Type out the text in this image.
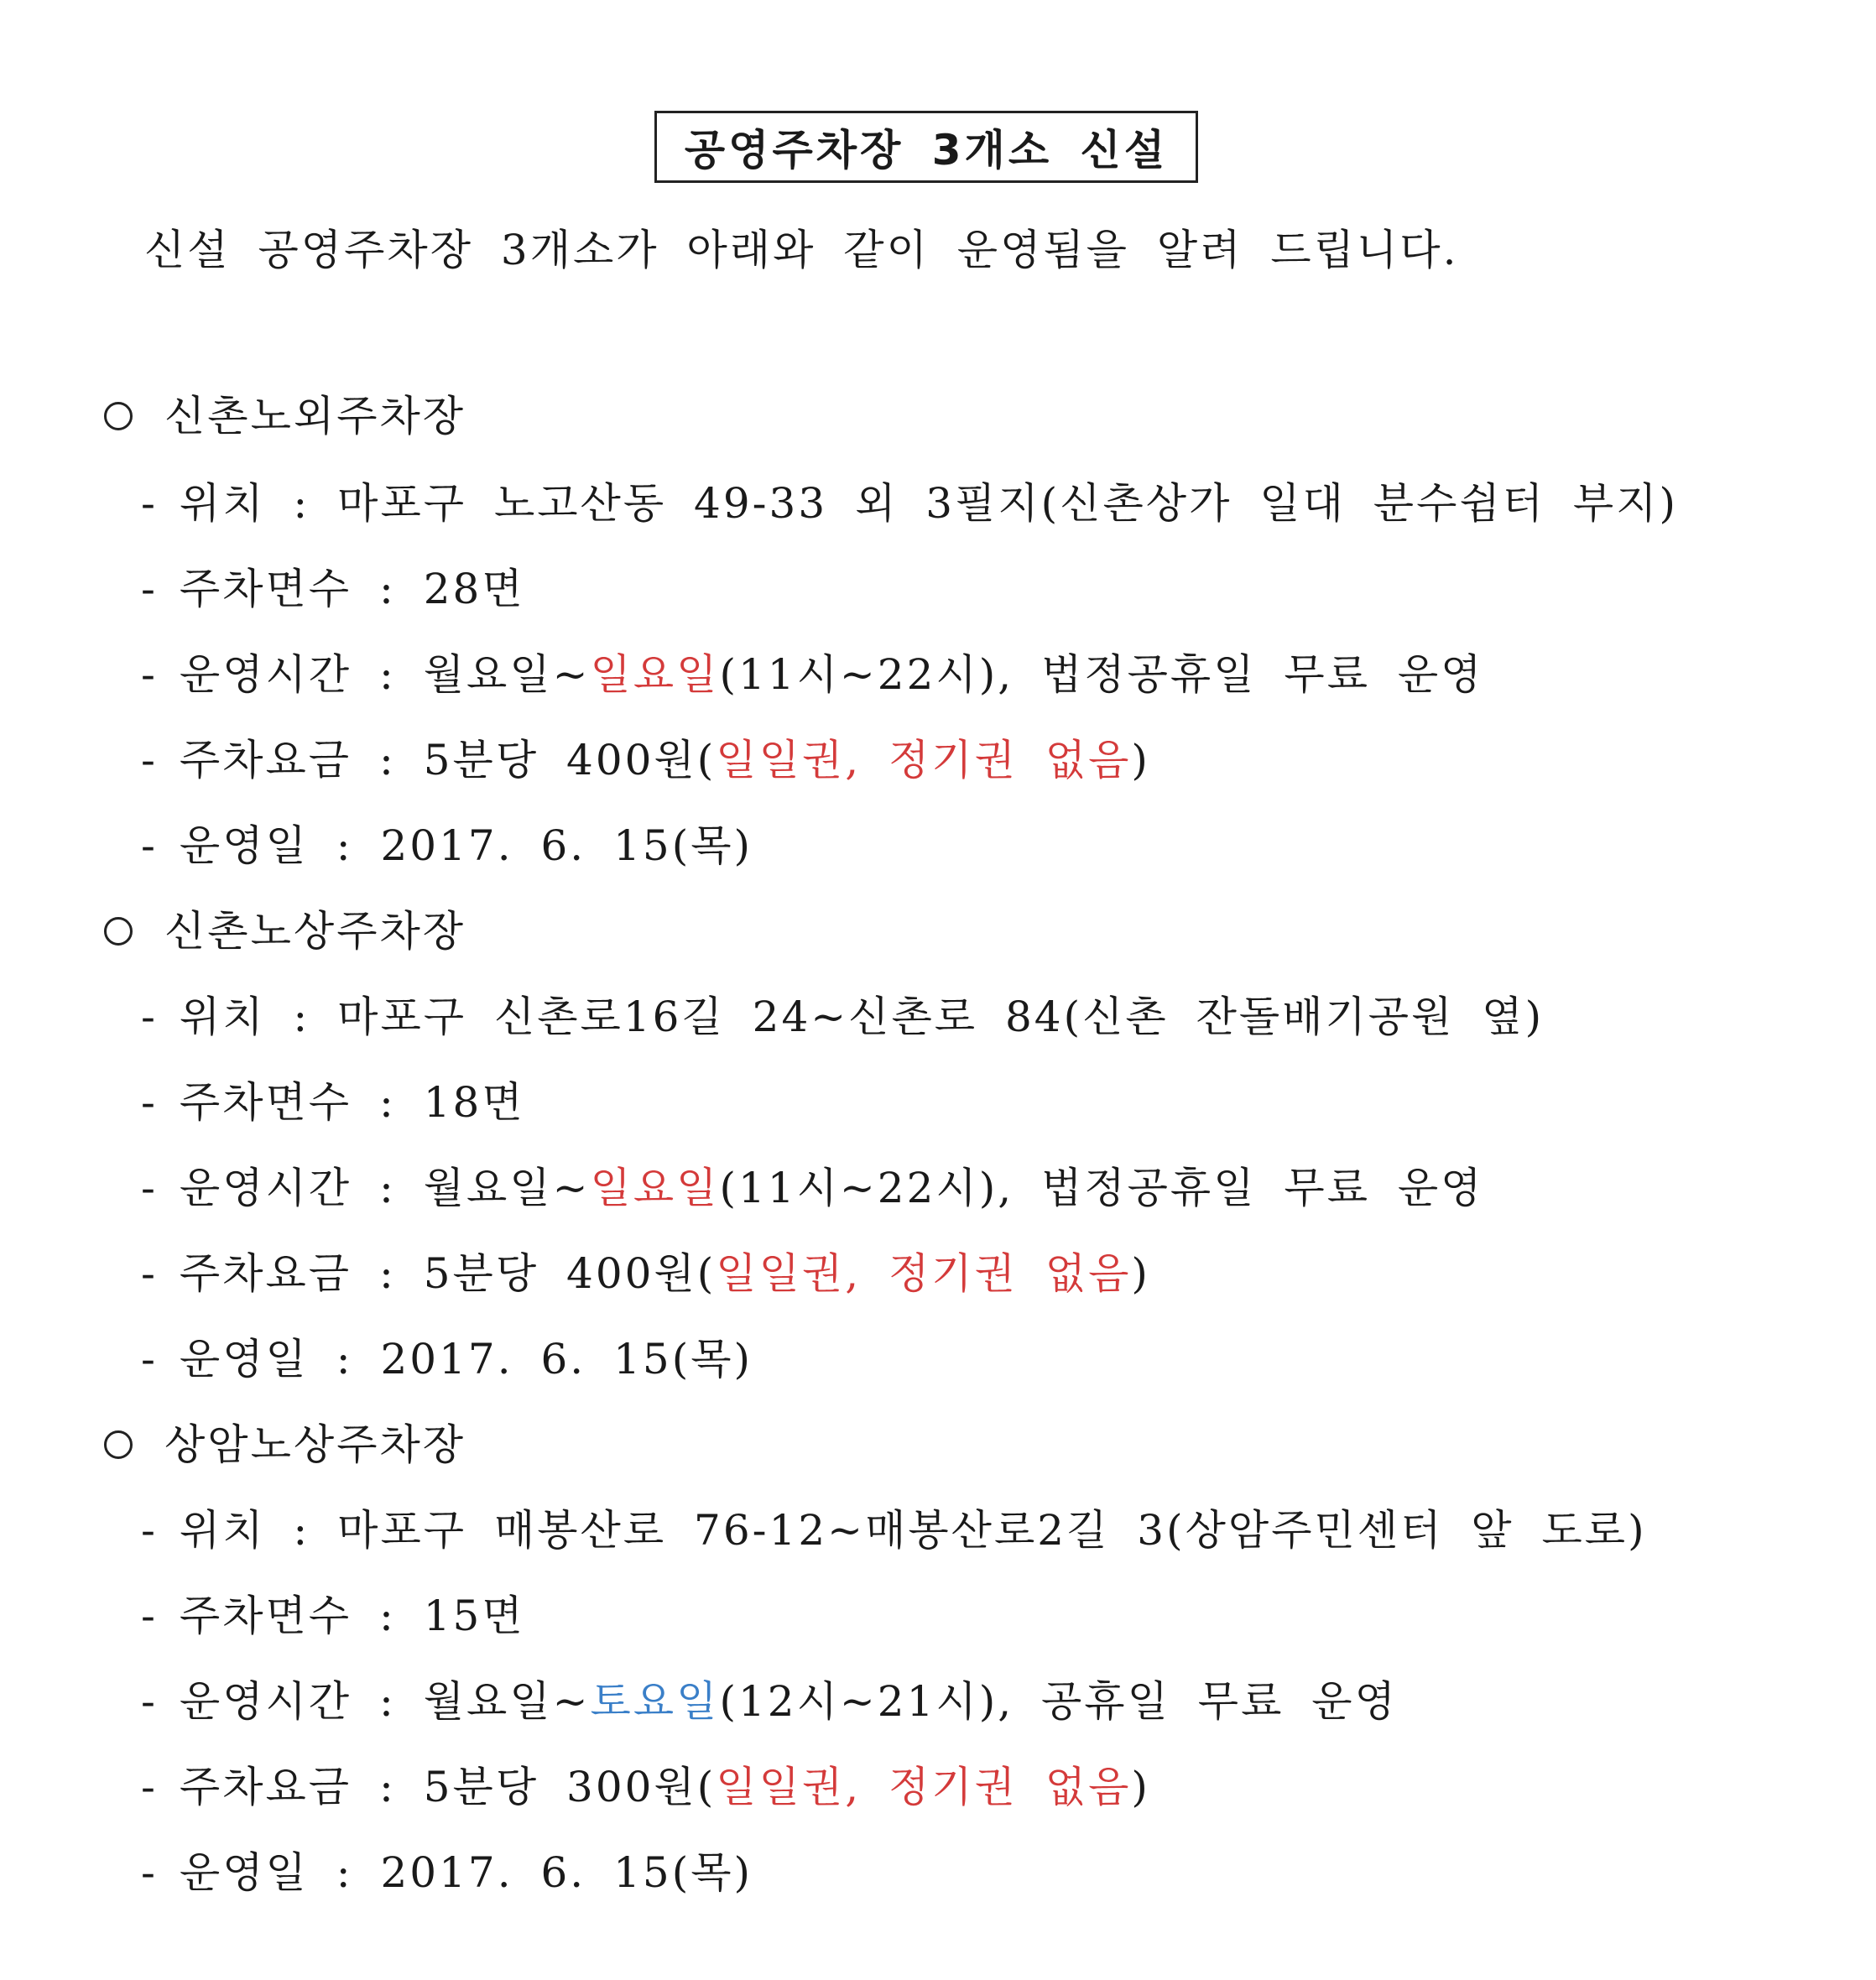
공영주차장 3개소 신설
신설 공영주차장 3개소가 아래와 같이 운영됨을 알려 드립니다.
신촌노외주차장
- 위치 : 마포구 노고산동 49-33 외 3필지(신촌상가 일대 분수쉼터 부지)
- 주차면수 : 28면
- 운영시간 : 월요일~일요일(11시~22시), 법정공휴일 무료 운영
- 주차요금 : 5분당 400원(일일권, 정기권 없음)
- 운영일 : 2017. 6. 15(목)
신촌노상주차장
- 위치 : 마포구 신촌로16길 24~신촌로 84(신촌 잔돌배기공원 옆)
- 주차면수 : 18면
- 운영시간 : 월요일~일요일(11시~22시), 법정공휴일 무료 운영
- 주차요금 : 5분당 400원(일일권, 정기권 없음)
- 운영일 : 2017. 6. 15(목)
상암노상주차장
- 위치 : 마포구 매봉산로 76-12~매봉산로2길 3(상암주민센터 앞 도로)
- 주차면수 : 15면
- 운영시간 : 월요일~토요일(12시~21시), 공휴일 무료 운영
- 주차요금 : 5분당 300원(일일권, 정기권 없음)
- 운영일 : 2017. 6. 15(목)
